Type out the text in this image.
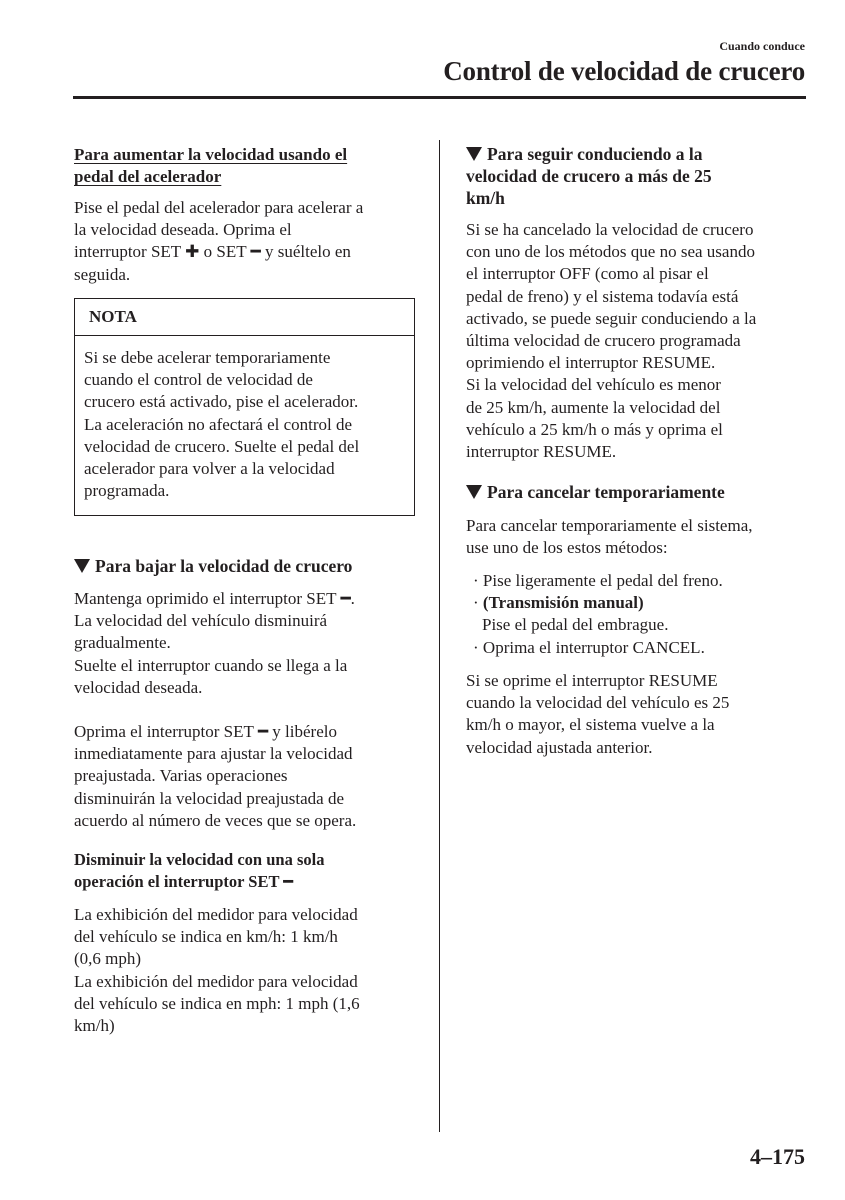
Cuando conduce
Control de velocidad de crucero
Para aumentar la velocidad usando el
pedal del acelerador
Pise el pedal del acelerador para acelerar a
la velocidad deseada. Oprima el
interruptor SET ✚ o SET ━ y suéltelo en
seguida.
NOTA
Si se debe acelerar temporariamente
cuando el control de velocidad de
crucero está activado, pise el acelerador.
La aceleración no afectará el control de
velocidad de crucero. Suelte el pedal del
acelerador para volver a la velocidad
programada.
Para bajar la velocidad de crucero
Mantenga oprimido el interruptor SET ━.
La velocidad del vehículo disminuirá
gradualmente.
Suelte el interruptor cuando se llega a la
velocidad deseada.
Oprima el interruptor SET ━ y libérelo
inmediatamente para ajustar la velocidad
preajustada. Varias operaciones
disminuirán la velocidad preajustada de
acuerdo al número de veces que se opera.
Disminuir la velocidad con una sola
operación el interruptor SET ━
La exhibición del medidor para velocidad
del vehículo se indica en km/h: 1 km/h
(0,6 mph)
La exhibición del medidor para velocidad
del vehículo se indica en mph: 1 mph (1,6
km/h)
Para seguir conduciendo a la
velocidad de crucero a más de 25
km/h
Si se ha cancelado la velocidad de crucero
con uno de los métodos que no sea usando
el interruptor OFF (como al pisar el
pedal de freno) y el sistema todavía está
activado, se puede seguir conduciendo a la
última velocidad de crucero programada
oprimiendo el interruptor RESUME.
Si la velocidad del vehículo es menor
de 25 km/h, aumente la velocidad del
vehículo a 25 km/h o más y oprima el
interruptor RESUME.
Para cancelar temporariamente
Para cancelar temporariamente el sistema,
use uno de los estos métodos:
· Pise ligeramente el pedal del freno.
· (Transmisión manual)
Pise el pedal del embrague.
· Oprima el interruptor CANCEL.
Si se oprime el interruptor RESUME
cuando la velocidad del vehículo es 25
km/h o mayor, el sistema vuelve a la
velocidad ajustada anterior.
4–175
